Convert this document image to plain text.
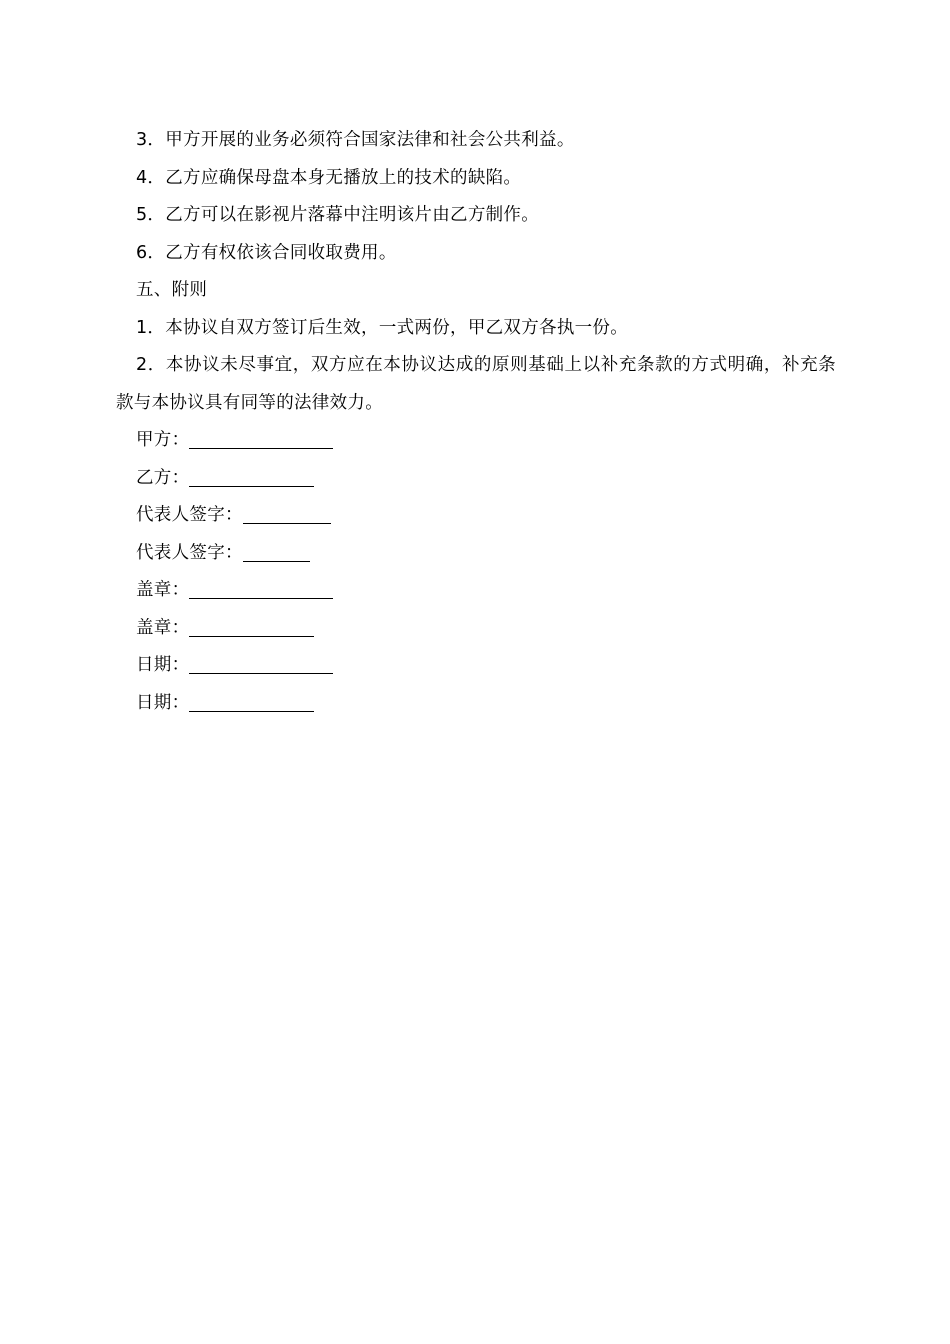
3．甲方开展的业务必须符合国家法律和社会公共利益。

4．乙方应确保母盘本身无播放上的技术的缺陷。

5．乙方可以在影视片落幕中注明该片由乙方制作。

6．乙方有权依该合同收取费用。

五、附则

1．本协议自双方签订后生效，一式两份，甲乙双方各执一份。

2．本协议未尽事宜，双方应在本协议达成的原则基础上以补充条款的方式明确，补充条款与本协议具有同等的法律效力。

甲方：
乙方：
代表人签字：
代表人签字：
盖章：
盖章：
日期：
日期：
